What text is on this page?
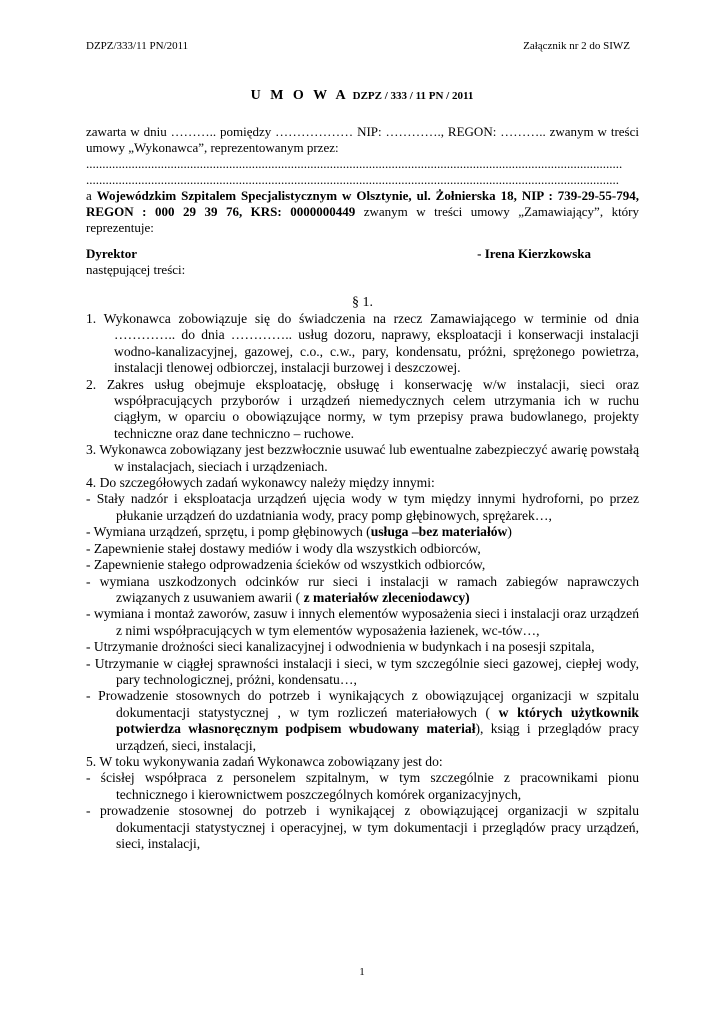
DZPZ/333/11 PN/2011	Załącznik nr 2 do SIWZ
U M O W A DZPZ / 333 / 11 PN / 2011
zawarta w dniu ……….. pomiędzy ……………… NIP: …………., REGON: ……….. zwanym w treści umowy „Wykonawca”, reprezentowanym przez:
.....................................................................................................................................................................
....................................................................................................................................................................
a Wojewódzkim Szpitalem Specjalistycznym w Olsztynie, ul. Żołnierska 18, NIP : 739-29-55-794, REGON : 000 29 39 76, KRS: 0000000449 zwanym w treści umowy „Zamawiający”, który reprezentuje:
Dyrektor	- Irena Kierzkowska
następującej treści:
§ 1.
1. Wykonawca zobowiązuje się do świadczenia na rzecz Zamawiającego w terminie od dnia ………….. do dnia ………….. usług dozoru, naprawy, eksploatacji i konserwacji instalacji wodno-kanalizacyjnej, gazowej, c.o., c.w., pary, kondensatu, próżni, sprężonego powietrza, instalacji tlenowej odbiorczej, instalacji burzowej i deszczowej.
2. Zakres usług obejmuje eksploatację, obsługę i konserwację w/w instalacji, sieci oraz współpracujących przyborów i urządzeń niemedycznych celem utrzymania ich w ruchu ciągłym, w oparciu o obowiązujące normy, w tym przepisy prawa budowlanego, projekty techniczne oraz dane techniczno – ruchowe.
3. Wykonawca zobowiązany jest bezzwłocznie usuwać lub ewentualne zabezpieczyć awarię powstałą w instalacjach, sieciach i urządzeniach.
4. Do szczegółowych zadań wykonawcy należy między innymi:
- Stały nadzór i eksploatacja urządzeń ujęcia wody w tym między innymi hydroforni, po przez płukanie urządzeń do uzdatniania wody, pracy pomp głębinowych, sprężarek…,
- Wymiana urządzeń, sprzętu, i pomp głębinowych (usługa –bez materiałów)
- Zapewnienie stałej dostawy mediów i wody dla wszystkich odbiorców,
- Zapewnienie stałego odprowadzenia ścieków od wszystkich odbiorców,
- wymiana uszkodzonych odcinków rur sieci i instalacji w ramach zabiegów naprawczych związanych z usuwaniem awarii ( z materiałów zleceniodawcy)
- wymiana i montaż zaworów, zasuw i innych elementów wyposażenia sieci i instalacji oraz urządzeń z nimi współpracujących w tym elementów wyposażenia łazienek, wc-tów…,
- Utrzymanie drożności sieci kanalizacyjnej i odwodnienia w budynkach i na posesji szpitala,
- Utrzymanie w ciągłej sprawności instalacji i sieci, w tym szczególnie sieci gazowej, ciepłej wody, pary technologicznej, próżni, kondensatu…,
- Prowadzenie stosownych do potrzeb i wynikających z obowiązującej organizacji w szpitalu dokumentacji statystycznej , w tym rozliczeń materiałowych ( w których użytkownik potwierdza własnoręcznym podpisem wbudowany materiał), ksiąg i przeglądów pracy urządzeń, sieci, instalacji,
5. W toku wykonywania zadań Wykonawca zobowiązany jest do:
- ścisłej współpraca z personelem szpitalnym, w tym szczególnie z pracownikami pionu technicznego i kierownictwem poszczególnych komórek organizacyjnych,
- prowadzenie stosownej do potrzeb i wynikającej z obowiązującej organizacji w szpitalu dokumentacji statystycznej i operacyjnej, w tym dokumentacji i przeglądów pracy urządzeń, sieci, instalacji,
1
